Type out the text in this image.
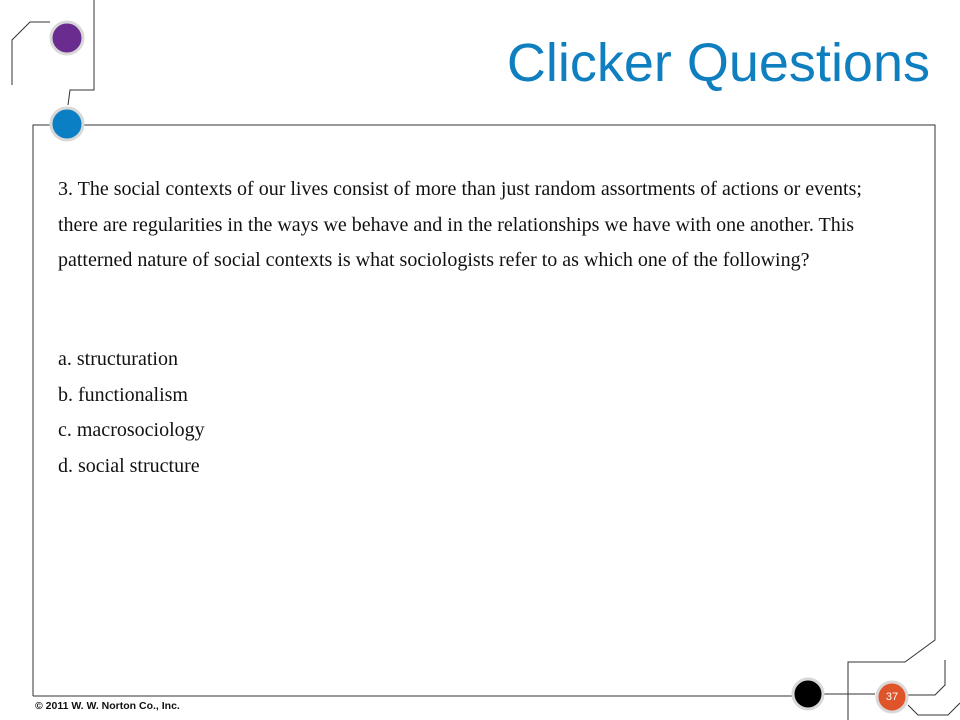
Clicker Questions

3. The social contexts of our lives consist of more than just random assortments of actions or events; there are regularities in the ways we behave and in the relationships we have with one another. This patterned nature of social contexts is what sociologists refer to as which one of the following?

a. structuration
b. functionalism
c. macrosociology
d. social structure
© 2011 W. W. Norton Co., Inc.
37
